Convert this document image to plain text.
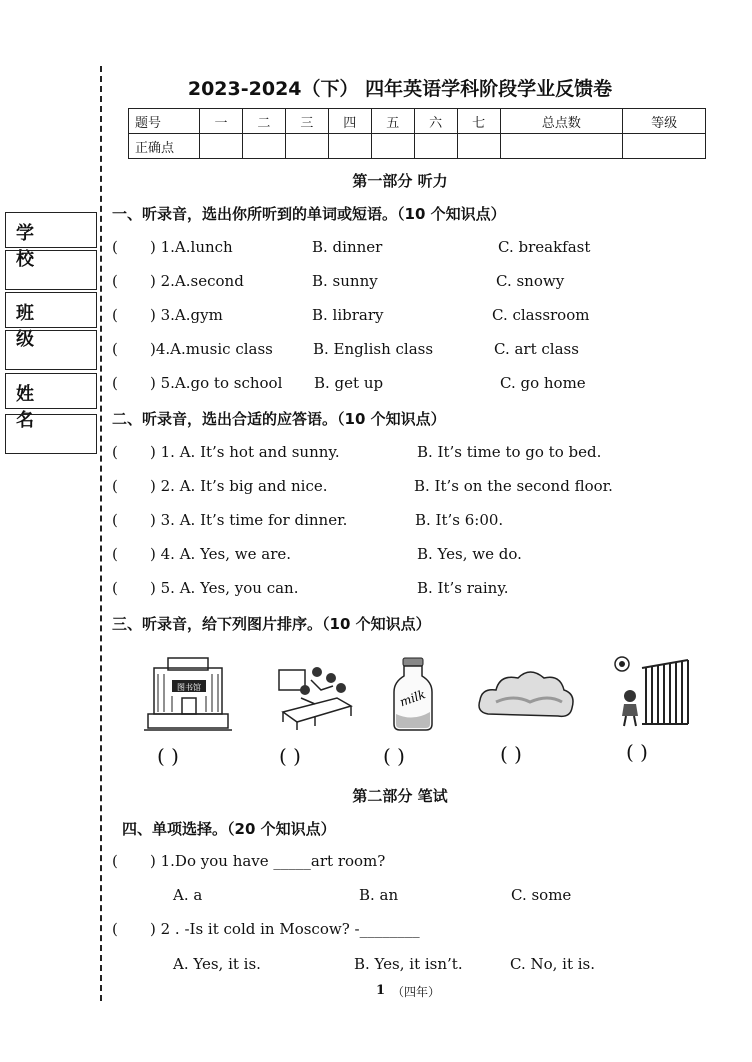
学 校
班 级
姓 名
2023-2024（下） 四年英语学科阶段学业反馈卷
题号	一	二	三	四	五	六	七	总点数	等级
正确点									
第一部分 听力
一、听录音，选出你所听到的单词或短语。（10 个知识点）
( ) 1.A.lunch	B. dinner	C. breakfast
( ) 2.A.second	B. sunny	C. snowy
( ) 3.A.gym	B. library	C. classroom
( )4.A.music class	B. English class	C. art class
( ) 5.A.go to school B. get up	C. go home
二、听录音，选出合适的应答语。（10 个知识点）
( ) 1. A. It’s hot and sunny.	B. It’s time to go to bed.
( ) 2. A. It’s big and nice.	B. It’s on the second floor.
( ) 3. A. It’s time for dinner.	B. It’s 6:00.
( ) 4. A. Yes, we are.	B. Yes, we do.
( ) 5. A. Yes, you can.	B. It’s rainy.
三、听录音，给下列图片排序。（10 个知识点）
图书馆	milk
( )	( )	( )	( )	( )
第二部分 笔试
四、单项选择。（20 个知识点）
( ) 1.Do you have _____art room?
A. a	B. an	C. some
( ) 2 . -Is it cold in Moscow? -________
A. Yes, it is.	B. Yes, it isn’t.	C. No, it is.
1 （四年）
